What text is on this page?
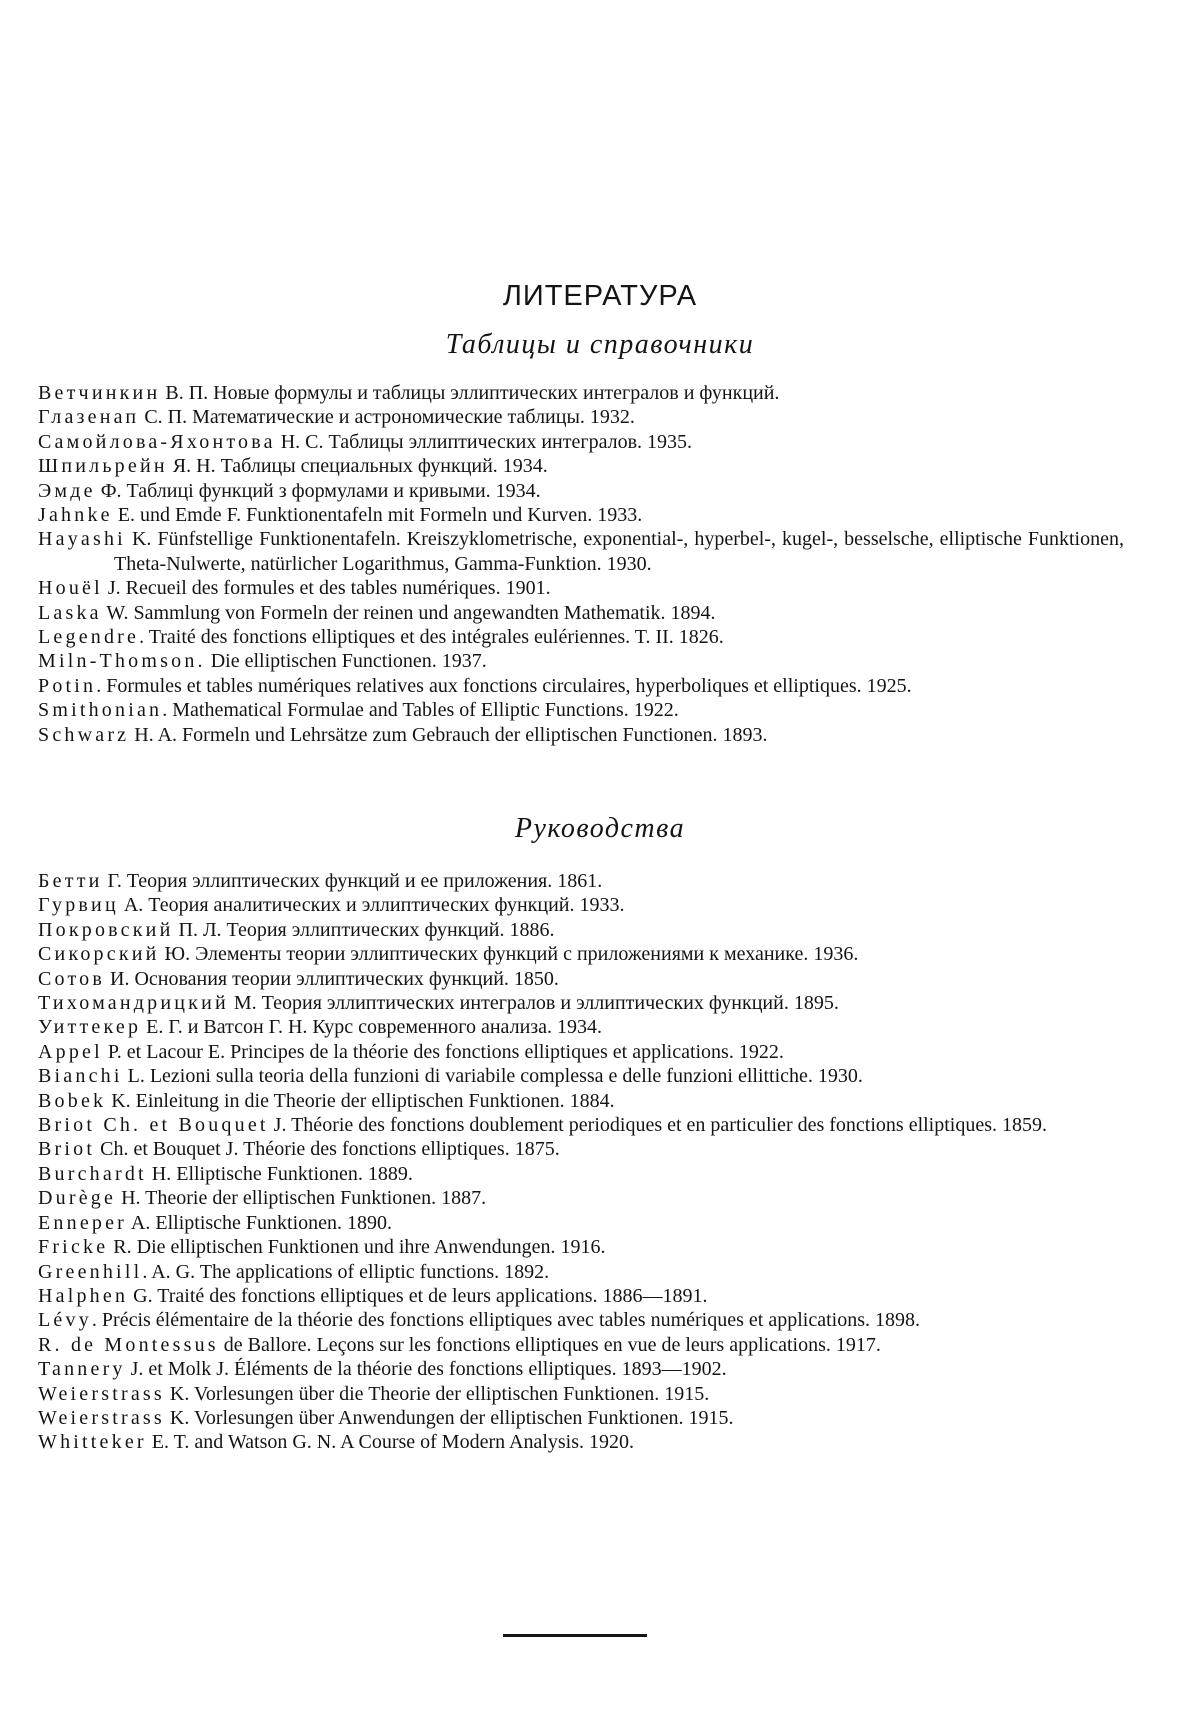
ЛИТЕРАТУРА
Таблицы и справочники
Ветчинкин В. П. Новые формулы и таблицы эллиптических интегралов и функций.
Глазенап С. П. Математические и астрономические таблицы. 1932.
Самойлова-Яхонтова Н. С. Таблицы эллиптических интегралов. 1935.
Шпильрейн Я. Н. Таблицы специальных функций. 1934.
Эмде Ф. Таблиці функций з формулами и кривыми. 1934.
Jahnke E. und Emde F. Funktionentafeln mit Formeln und Kurven. 1933.
Hayashi K. Fünfstellige Funktionentafeln. Kreiszyklometrische, exponential-, hyperbel-, kugel-, besselsche, elliptische Funktionen, Theta-Nulwerte, natürlicher Logarithmus, Gamma-Funktion. 1930.
Houël J. Recueil des formules et des tables numériques. 1901.
Laska W. Sammlung von Formeln der reinen und angewandten Mathematik. 1894.
Legendre. Traité des fonctions elliptiques et des intégrales eulériennes. T. II. 1826.
Miln-Thomson. Die elliptischen Functionen. 1937.
Potin. Formules et tables numériques relatives aux fonctions circulaires, hyperboliques et elliptiques. 1925.
Smithonian. Mathematical Formulae and Tables of Elliptic Functions. 1922.
Schwarz H. A. Formeln und Lehrsätze zum Gebrauch der elliptischen Functionen. 1893.
Руководства
Бетти Г. Теория эллиптических функций и ее приложения. 1861.
Гурвиц А. Теория аналитических и эллиптических функций. 1933.
Покровский П. Л. Теория эллиптических функций. 1886.
Сикорский Ю. Элементы теории эллиптических функций с приложениями к механике. 1936.
Сотов И. Основания теории эллиптических функций. 1850.
Тихомандрицкий М. Теория эллиптических интегралов и эллиптических функций. 1895.
Уиттекер Е. Г. и Ватсон Г. Н. Курс современного анализа. 1934.
Appel P. et Lacour E. Principes de la théorie des fonctions elliptiques et applications. 1922.
Bianchi L. Lezioni sulla teoria della funzioni di variabile complessa e delle funzioni ellittiche. 1930.
Bobek K. Einleitung in die Theorie der elliptischen Funktionen. 1884.
Briot Ch. et Bouquet J. Théorie des fonctions doublement periodiques et en particulier des fonctions elliptiques. 1859.
Briot Ch. et Bouquet J. Théorie des fonctions elliptiques. 1875.
Burchardt H. Elliptische Funktionen. 1889.
Durège H. Theorie der elliptischen Funktionen. 1887.
Enneper A. Elliptische Funktionen. 1890.
Fricke R. Die elliptischen Funktionen und ihre Anwendungen. 1916.
Greenhill. A. G. The applications of elliptic functions. 1892.
Halphen G. Traité des fonctions elliptiques et de leurs applications. 1886—1891.
Lévy. Précis élémentaire de la théorie des fonctions elliptiques avec tables numériques et applications. 1898.
R. de Montessus de Ballore. Leçons sur les fonctions elliptiques en vue de leurs applications. 1917.
Tannery J. et Molk J. Éléments de la théorie des fonctions elliptiques. 1893—1902.
Weierstrass K. Vorlesungen über die Theorie der elliptischen Funktionen. 1915.
Weierstrass K. Vorlesungen über Anwendungen der elliptischen Funktionen. 1915.
Whitteker E. T. and Watson G. N. A Course of Modern Analysis. 1920.
